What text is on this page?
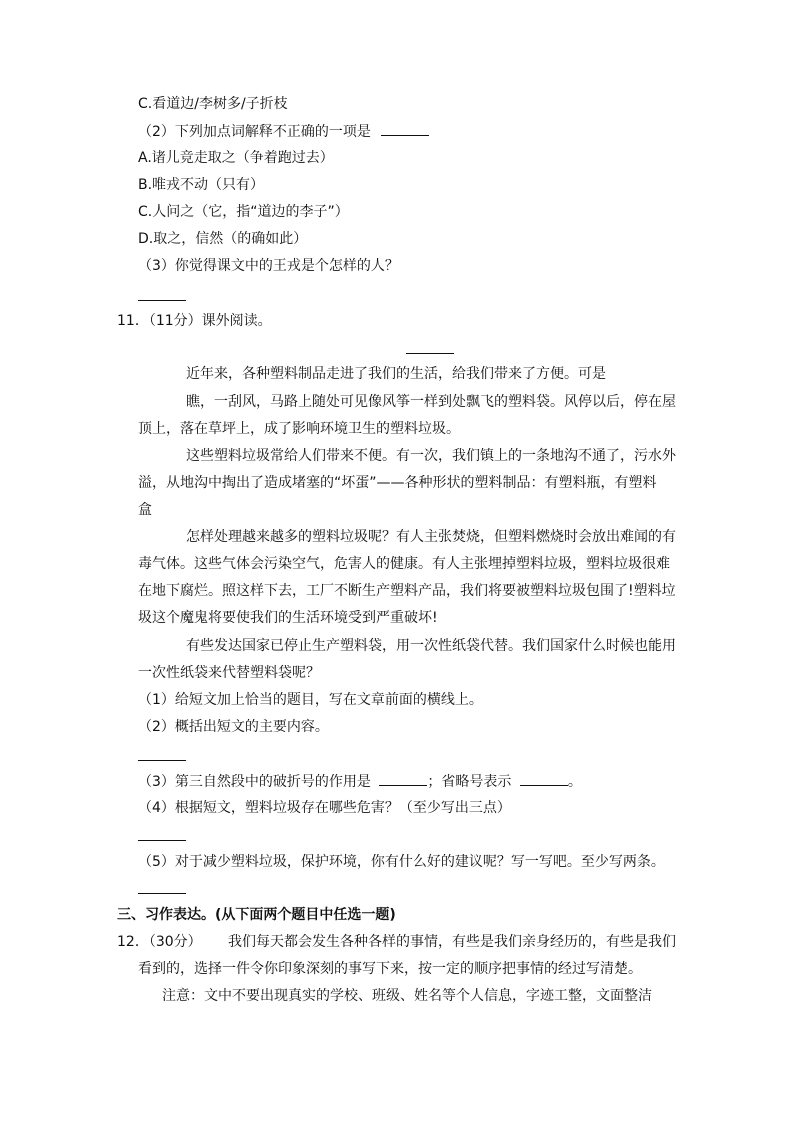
C.看道边/李树多/子折枝
（2）下列加点词解释不正确的一项是
A.诸儿竞走取之（争着跑过去）
B.唯戎不动（只有）
C.人问之（它，指“道边的李子”）
D.取之，信然（的确如此）
（3）你觉得课文中的王戎是个怎样的人？
11．（11分）课外阅读。
近年来，各种塑料制品走进了我们的生活，给我们带来了方便。可是
瞧，一刮风，马路上随处可见像风筝一样到处飘飞的塑料袋。风停以后，停在屋
顶上，落在草坪上，成了影响环境卫生的塑料垃圾。
这些塑料垃圾常给人们带来不便。有一次，我们镇上的一条地沟不通了，污水外
溢，从地沟中掏出了造成堵塞的“坏蛋”——各种形状的塑料制品：有塑料瓶，有塑料
盒
怎样处理越来越多的塑料垃圾呢？有人主张焚烧，但塑料燃烧时会放出难闻的有
毒气体。这些气体会污染空气，危害人的健康。有人主张埋掉塑料垃圾，塑料垃圾很难
在地下腐烂。照这样下去，工厂不断生产塑料产品，我们将要被塑料垃圾包围了!塑料垃
圾这个魔鬼将要使我们的生活环境受到严重破坏!
有些发达国家已停止生产塑料袋，用一次性纸袋代替。我们国家什么时候也能用
一次性纸袋来代替塑料袋呢？
（1）给短文加上恰当的题目，写在文章前面的横线上。
（2）概括出短文的主要内容。
（3）第三自然段中的破折号的作用是	；省略号表示	。
（4）根据短文，塑料垃圾存在哪些危害？（至少写出三点）
（5）对于减少塑料垃圾，保护环境，你有什么好的建议呢？写一写吧。至少写两条。
三、习作表达。(从下面两个题目中任选一题)
12．（30分） 我们每天都会发生各种各样的事情，有些是我们亲身经历的，有些是我们
看到的，选择一件令你印象深刻的事写下来，按一定的顺序把事情的经过写清楚。
注意：文中不要出现真实的学校、班级、姓名等个人信息，字迹工整，文面整洁
